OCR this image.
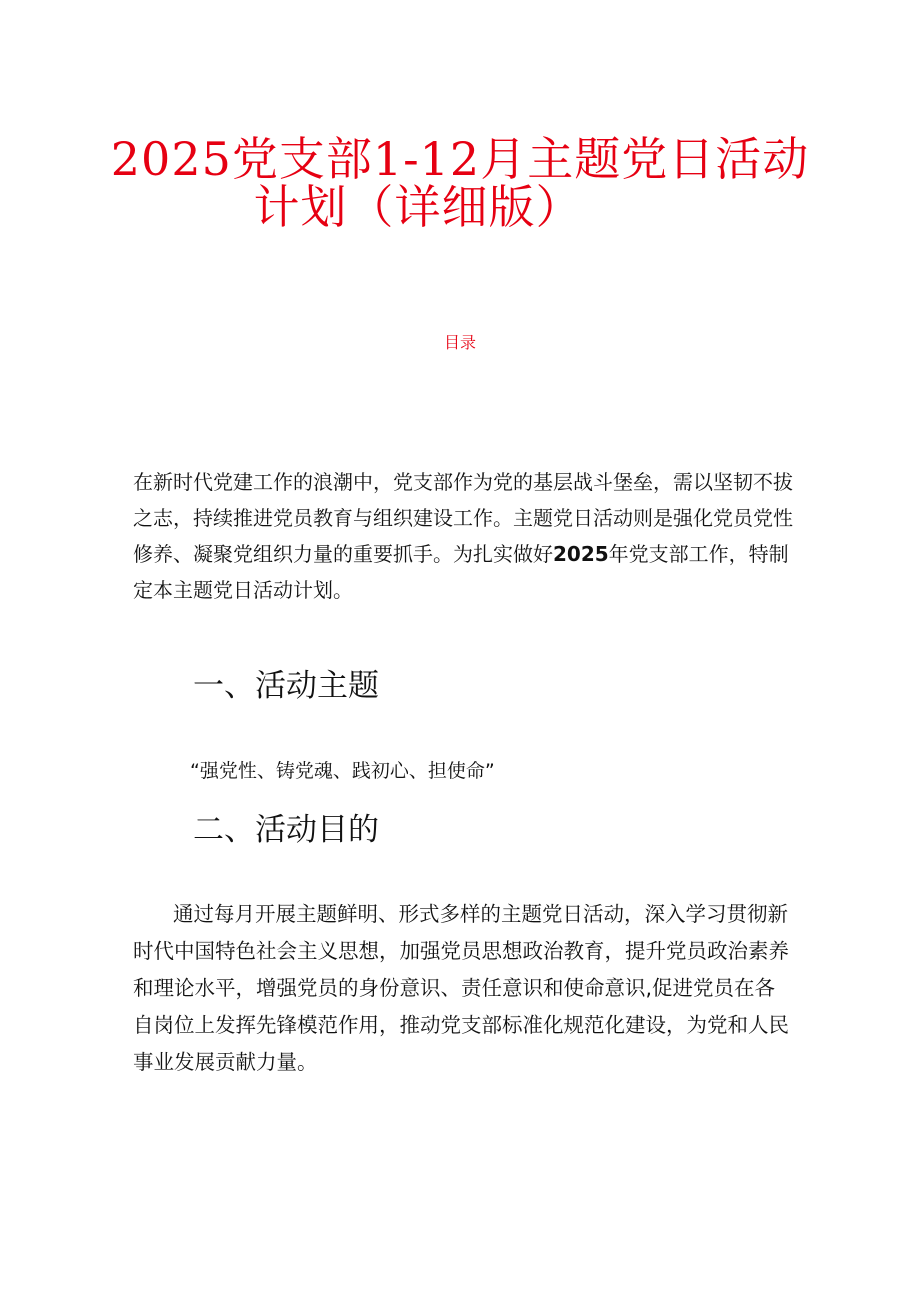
2025党支部1-12月主题党日活动
计划（详细版）
目录

在新时代党建工作的浪潮中，党支部作为党的基层战斗堡垒，需以坚韧不拔之志，持续推进党员教育与组织建设工作。主题党日活动则是强化党员党性修养、凝聚党组织力量的重要抓手。为扎实做好2025年党支部工作，特制定本主题党日活动计划。

一、活动主题
“强党性、铸党魂、践初心、担使命”
二、活动目的

通过每月开展主题鲜明、形式多样的主题党日活动，深入学习贯彻新时代中国特色社会主义思想，加强党员思想政治教育，提升党员政治素养和理论水平，增强党员的身份意识、责任意识和使命意识,促进党员在各自岗位上发挥先锋模范作用，推动党支部标准化规范化建设，为党和人民事业发展贡献力量。
